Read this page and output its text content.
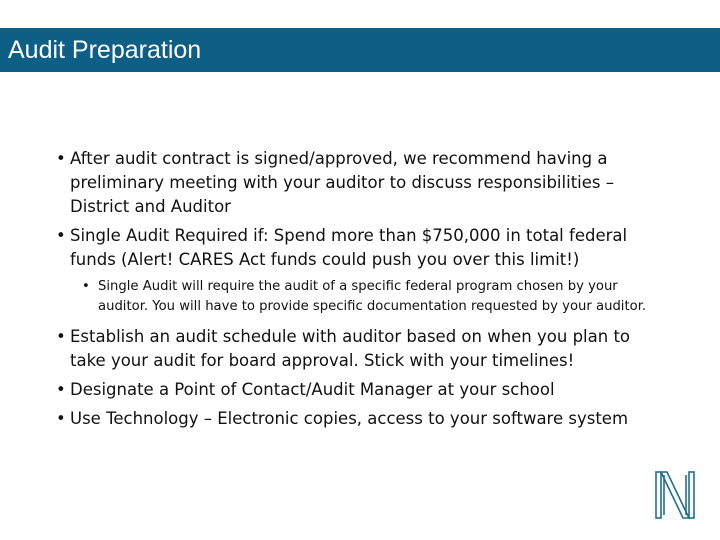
Audit Preparation
• After audit contract is signed/approved, we recommend having a preliminary meeting with your auditor to discuss responsibilities – District and Auditor
• Single Audit Required if: Spend more than $750,000 in total federal funds (Alert! CARES Act funds could push you over this limit!)
• Single Audit will require the audit of a specific federal program chosen by your auditor. You will have to provide specific documentation requested by your auditor.
• Establish an audit schedule with auditor based on when you plan to take your audit for board approval. Stick with your timelines!
• Designate a Point of Contact/Audit Manager at your school
• Use Technology – Electronic copies, access to your software system
